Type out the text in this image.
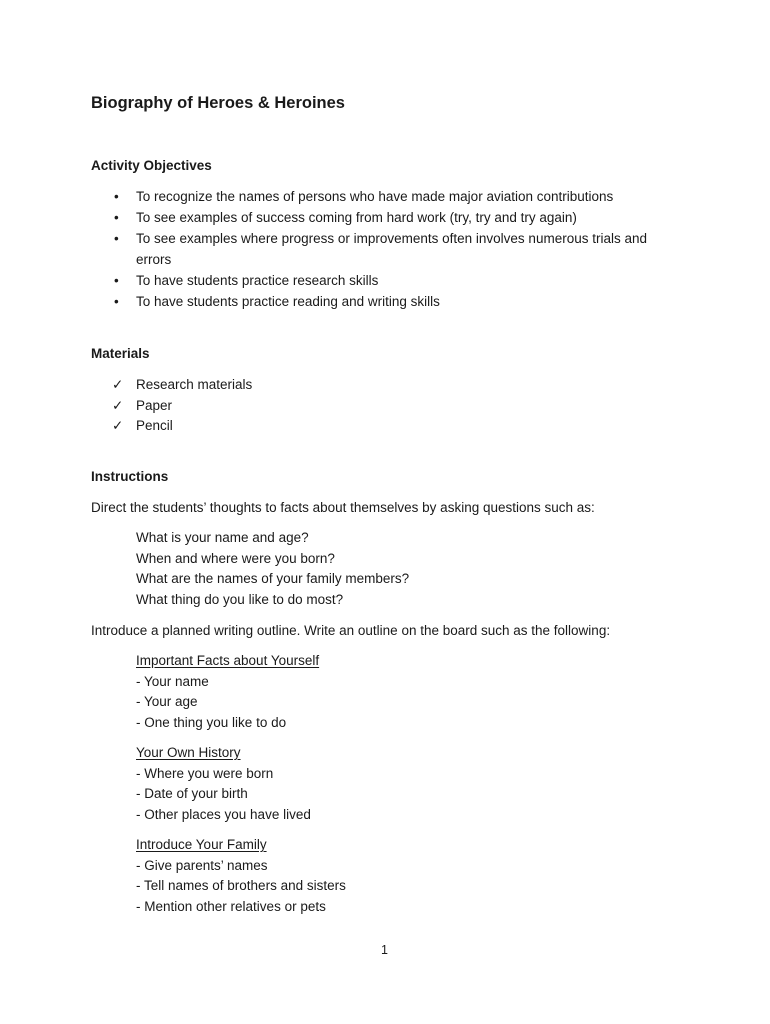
Biography of Heroes & Heroines
Activity Objectives
• To recognize the names of persons who have made major aviation contributions
• To see examples of success coming from hard work (try, try and try again)
• To see examples where progress or improvements often involves numerous trials and errors
• To have students practice research skills
• To have students practice reading and writing skills
Materials
✓ Research materials
✓ Paper
✓ Pencil
Instructions

Direct the students’ thoughts to facts about themselves by asking questions such as:

What is your name and age?
When and where were you born?
What are the names of your family members?
What thing do you like to do most?

Introduce a planned writing outline. Write an outline on the board such as the following:

Important Facts about Yourself
- Your name
- Your age
- One thing you like to do
Your Own History
- Where you were born
- Date of your birth
- Other places you have lived
Introduce Your Family
- Give parents’ names
- Tell names of brothers and sisters
- Mention other relatives or pets

1
